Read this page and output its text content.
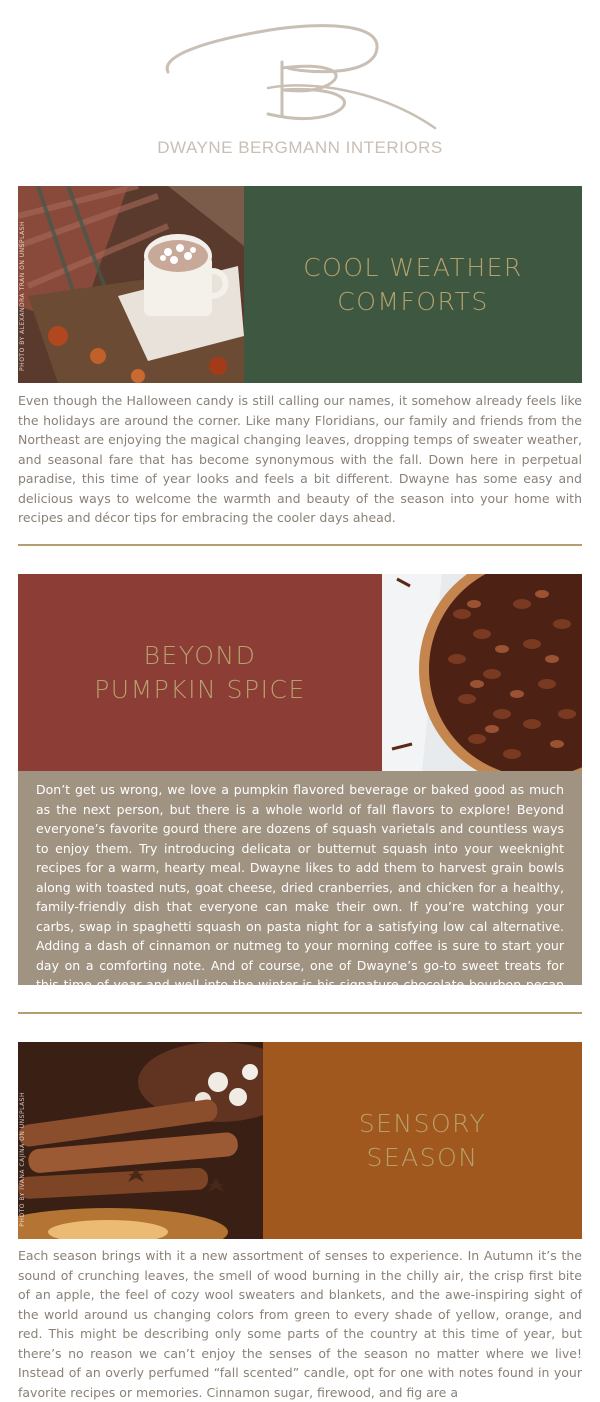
DWAYNE BERGMANN INTERIORS
PHOTO BY ALEXANDRA TRAN ON UNSPLASH	COOL WEATHER
COMFORTS
Even though the Halloween candy is still calling our names, it somehow already feels like the holidays are around the corner. Like many Floridians, our family and friends from the Northeast are enjoying the magical changing leaves, dropping temps of sweater weather, and seasonal fare that has become synonymous with the fall. Down here in perpetual paradise, this time of year looks and feels a bit different. Dwayne has some easy and delicious ways to welcome the warmth and beauty of the season into your home with recipes and décor tips for embracing the cooler days ahead.
BEYOND
PUMPKIN SPICE

Don’t get us wrong, we love a pumpkin flavored beverage or baked good as much as the next person, but there is a whole world of fall flavors to explore! Beyond everyone’s favorite gourd there are dozens of squash varietals and countless ways to enjoy them. Try introducing delicata or butternut squash into your weeknight recipes for a warm, hearty meal. Dwayne likes to add them to harvest grain bowls along with toasted nuts, goat cheese, dried cranberries, and chicken for a healthy, family-friendly dish that everyone can make their own. If you’re watching your carbs, swap in spaghetti squash on pasta night for a satisfying low cal alternative. Adding a dash of cinnamon or nutmeg to your morning coffee is sure to start your day on a comforting note. And of course, one of Dwayne’s go-to sweet treats for this time of year and well into the winter is his signature chocolate bourbon pecan pie which oozes with coziness.

PHOTO BY IVANA CAJINA ON UNSPLASH	SENSORY
SEASON
Each season brings with it a new assortment of senses to experience. In Autumn it’s the sound of crunching leaves, the smell of wood burning in the chilly air, the crisp first bite of an apple, the feel of cozy wool sweaters and blankets, and the awe-inspiring sight of the world around us changing colors from green to every shade of yellow, orange, and red. This might be describing only some parts of the country at this time of year, but there’s no reason we can’t enjoy the senses of the season no matter where we live! Instead of an overly perfumed “fall scented” candle, opt for one with notes found in your favorite recipes or memories. Cinnamon sugar, firewood, and fig are a
